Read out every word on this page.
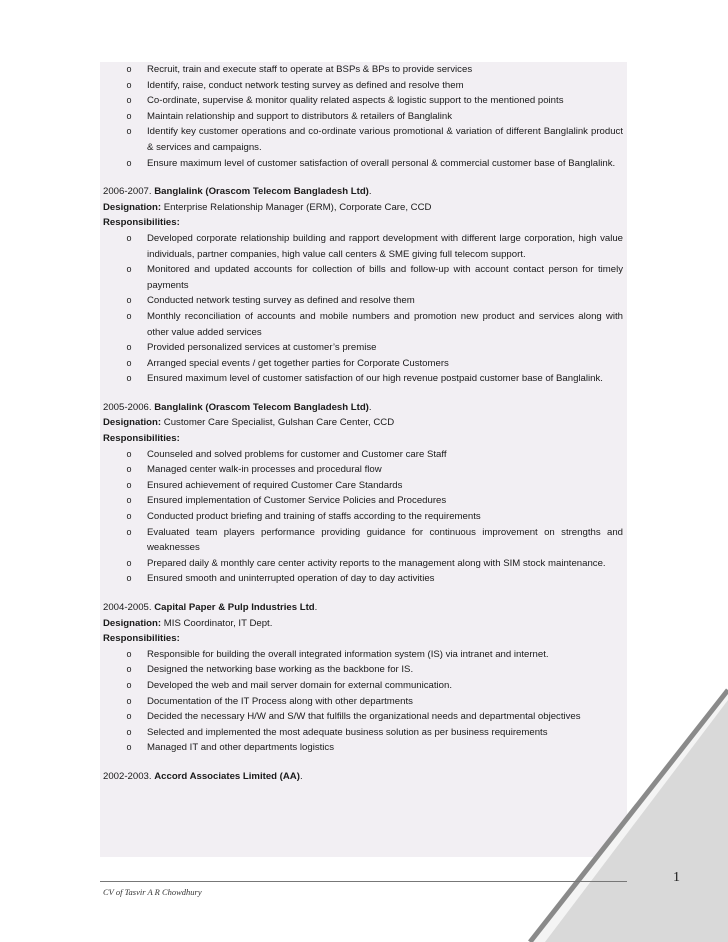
o Recruit, train and execute staff to operate at BSPs & BPs to provide services
o Identify, raise, conduct network testing survey as defined and resolve them
o Co-ordinate, supervise & monitor quality related aspects & logistic support to the mentioned points
o Maintain relationship and support to distributors & retailers of Banglalink
o Identify key customer operations and co-ordinate various promotional & variation of different Banglalink product & services and campaigns.
o Ensure maximum level of customer satisfaction of overall personal & commercial customer base of Banglalink.
2006-2007. Banglalink (Orascom Telecom Bangladesh Ltd).
Designation: Enterprise Relationship Manager (ERM), Corporate Care, CCD
Responsibilities:
o Developed corporate relationship building and rapport development with different large corporation, high value individuals, partner companies, high value call centers & SME giving full telecom support.
o Monitored and updated accounts for collection of bills and follow-up with account contact person for timely payments
o Conducted network testing survey as defined and resolve them
o Monthly reconciliation of accounts and mobile numbers and promotion new product and services along with other value added services
o Provided personalized services at customer’s premise
o Arranged special events / get together parties for Corporate Customers
o Ensured maximum level of customer satisfaction of our high revenue postpaid customer base of Banglalink.
2005-2006. Banglalink (Orascom Telecom Bangladesh Ltd).
Designation: Customer Care Specialist, Gulshan Care Center, CCD
Responsibilities:
o Counseled and solved problems for customer and Customer care Staff
o Managed center walk-in processes and procedural flow
o Ensured achievement of required Customer Care Standards
o Ensured implementation of Customer Service Policies and Procedures
o Conducted product briefing and training of staffs according to the requirements
o Evaluated team players performance providing guidance for continuous improvement on strengths and weaknesses
o Prepared daily & monthly care center activity reports to the management along with SIM stock maintenance.
o Ensured smooth and uninterrupted operation of day to day activities
2004-2005. Capital Paper & Pulp Industries Ltd.
Designation: MIS Coordinator, IT Dept.
Responsibilities:
o Responsible for building the overall integrated information system (IS) via intranet and internet.
o Designed the networking base working as the backbone for IS.
o Developed the web and mail server domain for external communication.
o Documentation of the IT Process along with other departments
o Decided the necessary H/W and S/W that fulfills the organizational needs and departmental objectives
o Selected and implemented the most adequate business solution as per business requirements
o Managed IT and other departments logistics
2002-2003. Accord Associates Limited (AA).
1
CV of Tasvir A R Chowdhury
